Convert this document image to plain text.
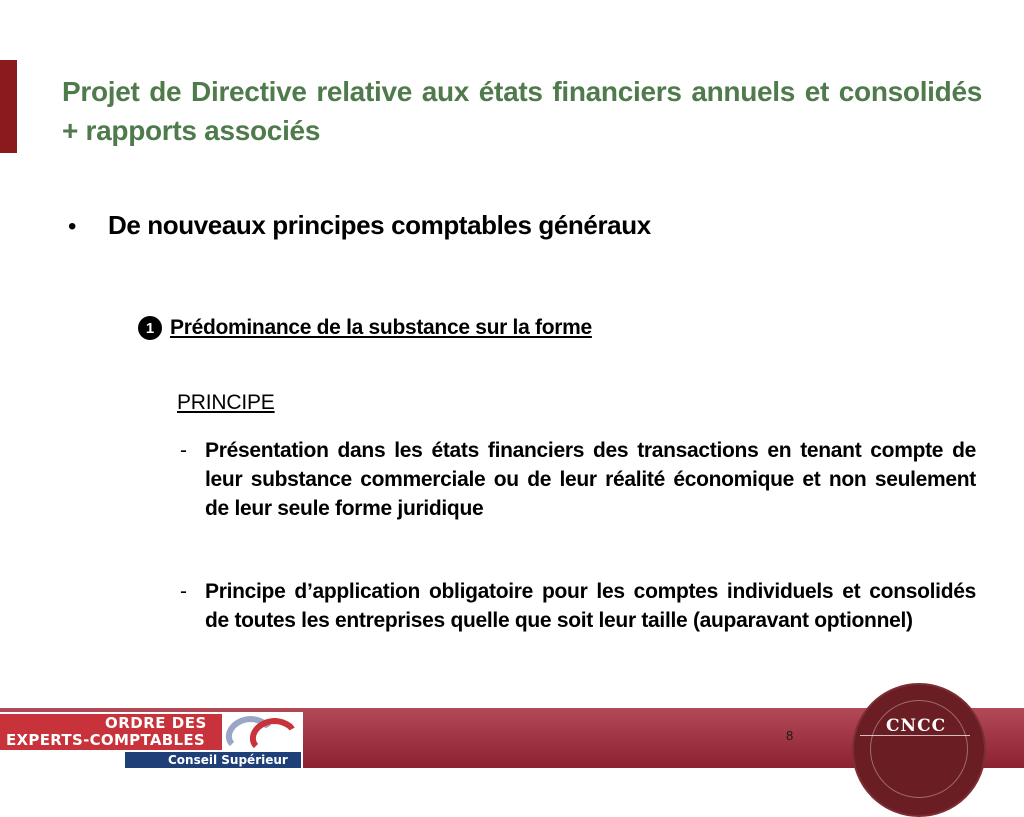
Projet de Directive relative aux états financiers annuels et consolidés + rapports associés
•	De nouveaux principes comptables généraux
1 Prédominance de la substance sur la forme
PRINCIPE
- Présentation dans les états financiers des transactions en tenant compte de leur substance commerciale ou de leur réalité économique et non seulement de leur seule forme juridique
- Principe d’application obligatoire pour les comptes individuels et consolidés de toutes les entreprises quelle que soit leur taille (auparavant optionnel)
ORDRE DES
EXPERTS-COMPTABLES
Conseil Supérieur
8	CNCC
